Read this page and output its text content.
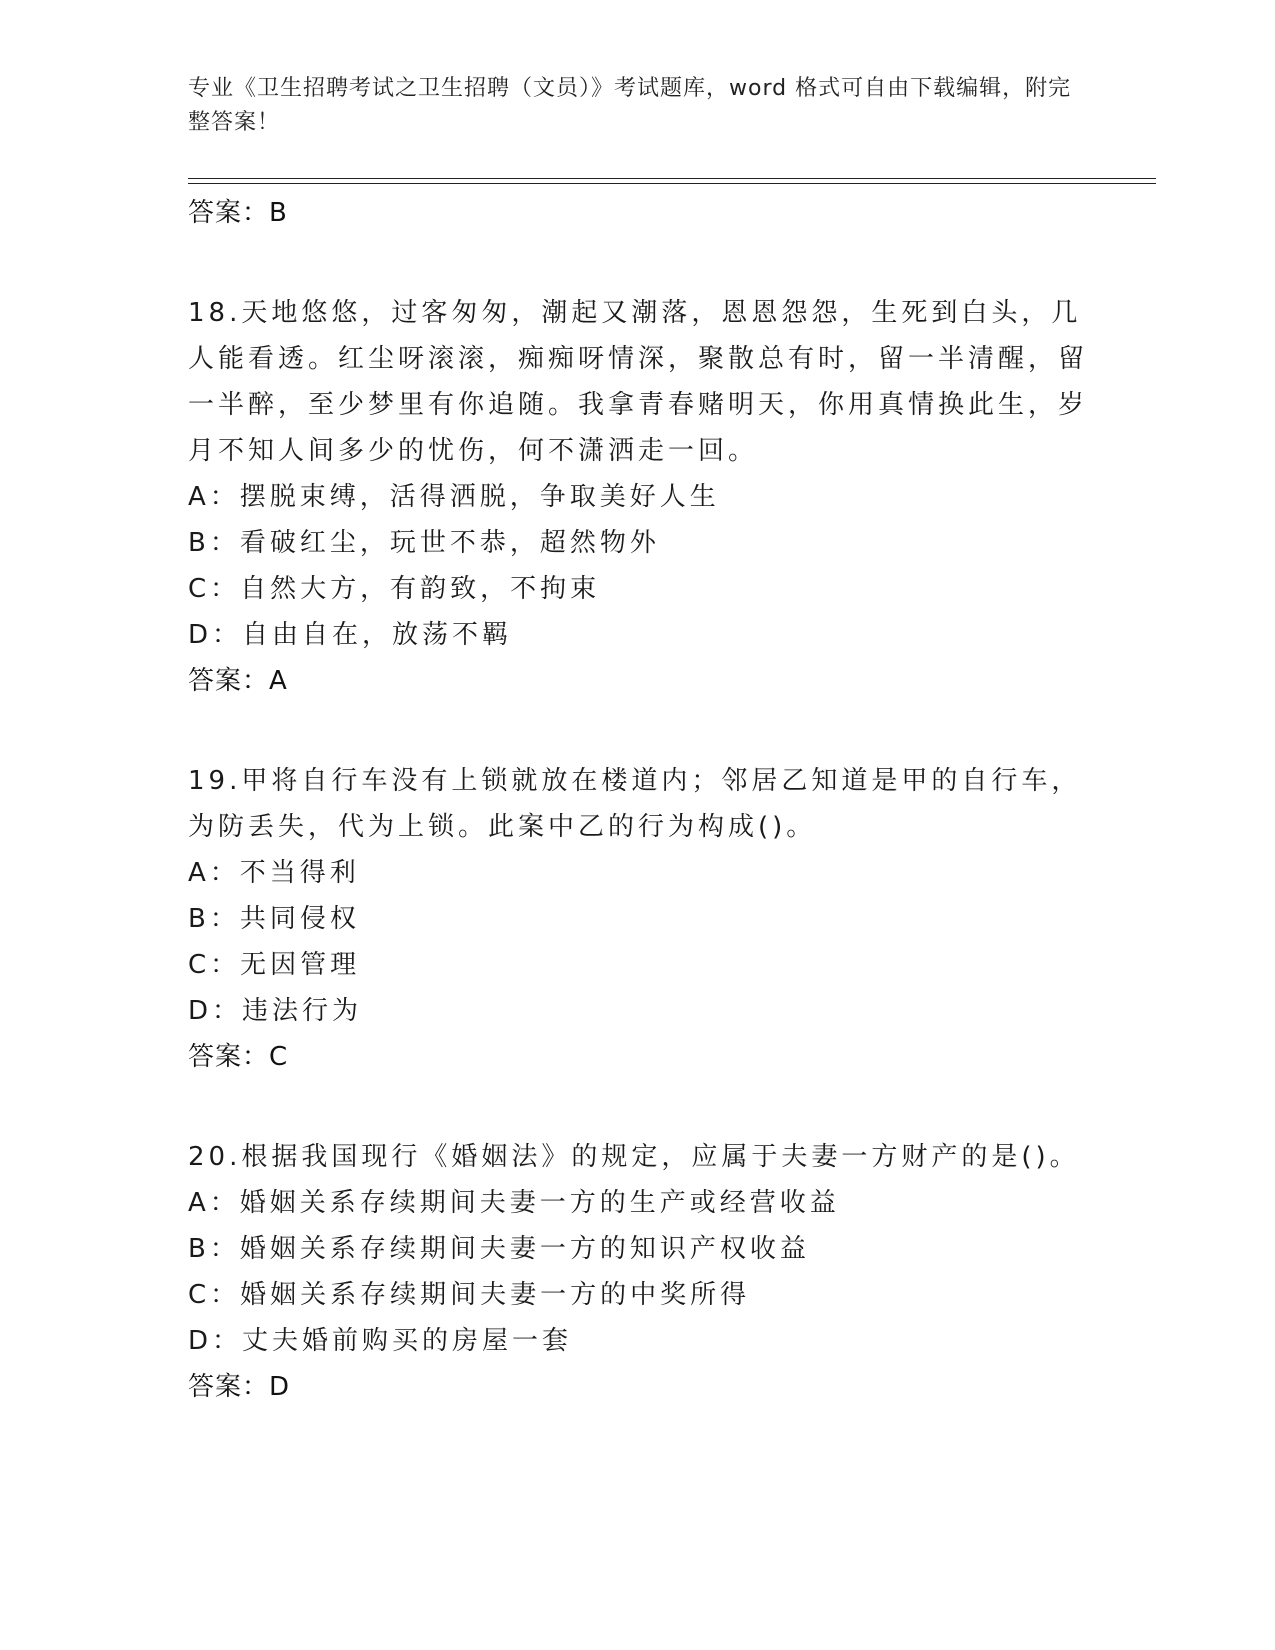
专业《卫生招聘考试之卫生招聘（文员）》考试题库，word 格式可自由下载编辑，附完整答案！
答案：B
18.天地悠悠，过客匆匆，潮起又潮落，恩恩怨怨，生死到白头，几人能看透。红尘呀滚滚，痴痴呀情深，聚散总有时，留一半清醒，留一半醉，至少梦里有你追随。我拿青春赌明天，你用真情换此生，岁月不知人间多少的忧伤，何不潇洒走一回。
A：摆脱束缚，活得洒脱，争取美好人生
B：看破红尘，玩世不恭，超然物外
C：自然大方，有韵致，不拘束
D：自由自在，放荡不羁
答案：A
19.甲将自行车没有上锁就放在楼道内；邻居乙知道是甲的自行车，为防丢失，代为上锁。此案中乙的行为构成()。
A：不当得利
B：共同侵权
C：无因管理
D：违法行为
答案：C
20.根据我国现行《婚姻法》的规定，应属于夫妻一方财产的是()。
A：婚姻关系存续期间夫妻一方的生产或经营收益
B：婚姻关系存续期间夫妻一方的知识产权收益
C：婚姻关系存续期间夫妻一方的中奖所得
D：丈夫婚前购买的房屋一套
答案：D
